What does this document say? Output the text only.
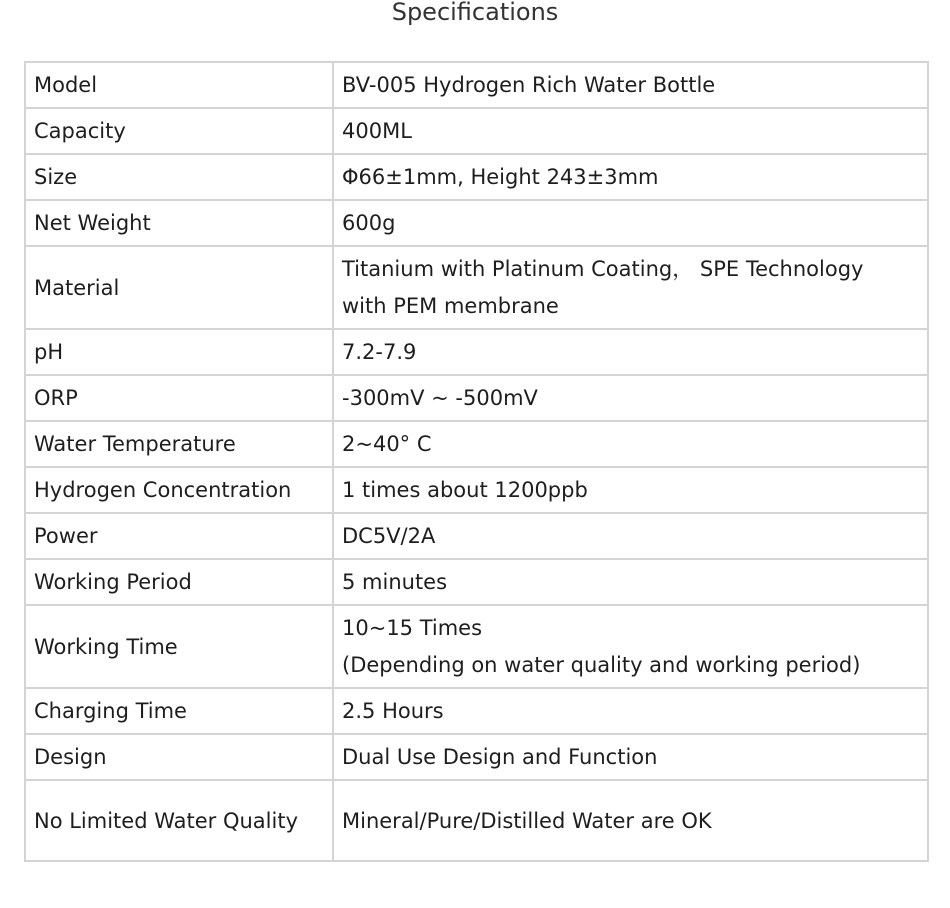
Specifications
Model	BV-005 Hydrogen Rich Water Bottle

Capacity	400ML

Size	Φ66±1mm, Height 243±3mm

Net Weight	600g

Material	Titanium with Platinum Coating， SPE Technology
with PEM membrane

pH	7.2-7.9

ORP	-300mV ~ -500mV

Water Temperature	2~40° C

Hydrogen Concentration	1 times about 1200ppb

Power	DC5V/2A

Working Period	5 minutes

Working Time	10~15 Times
(Depending on water quality and working period)

Charging Time	2.5 Hours

Design	Dual Use Design and Function

No Limited Water Quality	Mineral/Pure/Distilled Water are OK
